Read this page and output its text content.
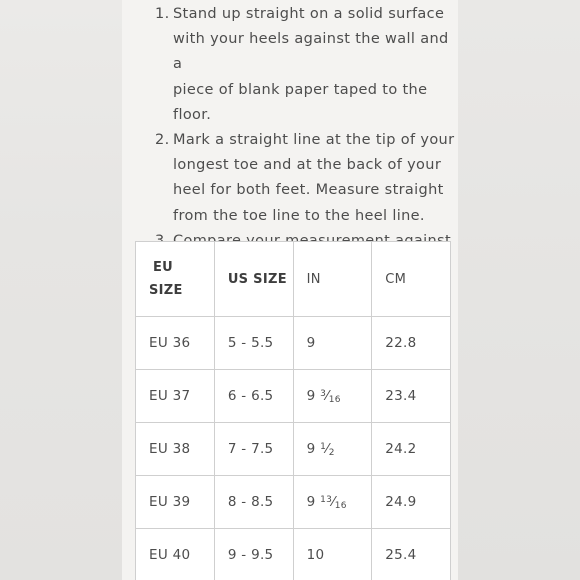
1. Stand up straight on a solid surface
with your heels against the wall and a
piece of blank paper taped to the floor.
2. Mark a straight line at the tip of your
longest toe and at the back of your
heel for both feet. Measure straight
from the toe line to the heel line.
EU
SIZE	US SIZE	IN	CM
EU 36	5 - 5.5	9	22.8
EU 37	6 - 6.5	9 $^3⁄_{16}$	23.4
EU 38	7 - 7.5	9 $^1⁄_2$	24.2
EU 39	8 - 8.5	9 $^{13}⁄_{16}$	24.9
EU 40	9 - 9.5	10	25.4
